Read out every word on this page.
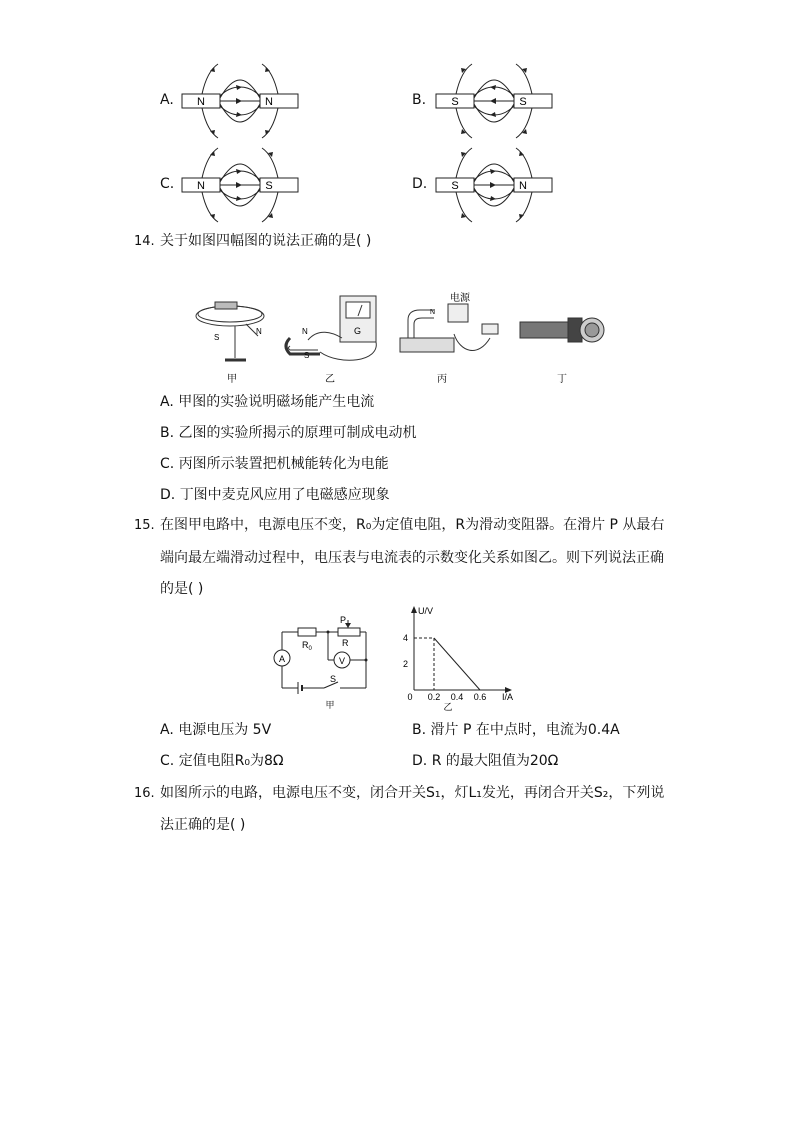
A.	B.
C.	D.
N	N	S	S
N	S	S	N
14. 关于如图四幅图的说法正确的是( )
S
N	G
N
S
电源
N
甲	乙	丙	丁
A. 甲图的实验说明磁场能产生电流
B. 乙图的实验所揭示的原理可制成电动机
C. 丙图所示装置把机械能转化为电能
D. 丁图中麦克风应用了电磁感应现象
15. 在图甲电路中，电源电压不变，R₀为定值电阻，R为滑动变阻器。在滑片 P 从最右
端向最左端滑动过程中，电压表与电流表的示数变化关系如图乙。则下列说法正确
的是( )
A	V
$R_0$
R
P
S
甲
U/V
I/A
0
2
4
0.2 0.4 0.6
乙
A. 电源电压为 5V	B. 滑片 P 在中点时，电流为0.4A
C. 定值电阻R₀为8Ω	D. R 的最大阻值为20Ω
16. 如图所示的电路，电源电压不变，闭合开关S₁，灯L₁发光，再闭合开关S₂，下列说
法正确的是( )
